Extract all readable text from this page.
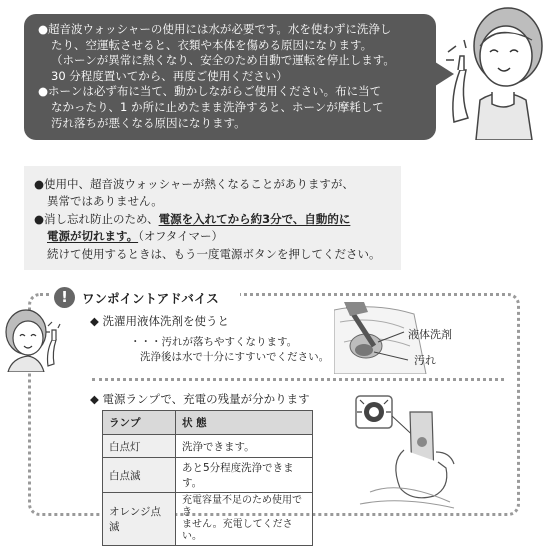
●超音波ウォッシャーの使用には水が必要です。水を使わずに洗浄し
たり、空運転させると、衣類や本体を傷める原因になります。
（ホーンが異常に熱くなり、安全のため自動で運転を停止します。
30 分程度置いてから、再度ご使用ください）
●ホーンは必ず布に当て、動かしながらご使用ください。布に当て
なかったり、1 か所に止めたまま洗浄すると、ホーンが摩耗して
汚れ落ちが悪くなる原因になります。
●使用中、超音波ウォッシャーが熱くなることがありますが、
異常ではありません。
●消し忘れ防止のため、電源を入れてから約3分で、自動的に
電源が切れます。（オフタイマー）
続けて使用するときは、もう一度電源ボタンを押してください。
!	ワンポイントアドバイス
◆ 洗濯用液体洗剤を使うと
・・・汚れが落ちやすくなります。
洗浄後は水で十分にすすいでください。
液体洗剤
汚れ
◆ 電源ランプで、充電の残量が分かります
ランプ	状 態
白点灯	洗浄できます。
白点滅	あと5分程度洗浄できます。
オレンジ点滅	充電容量不足のため使用でき
ません。充電してください。
